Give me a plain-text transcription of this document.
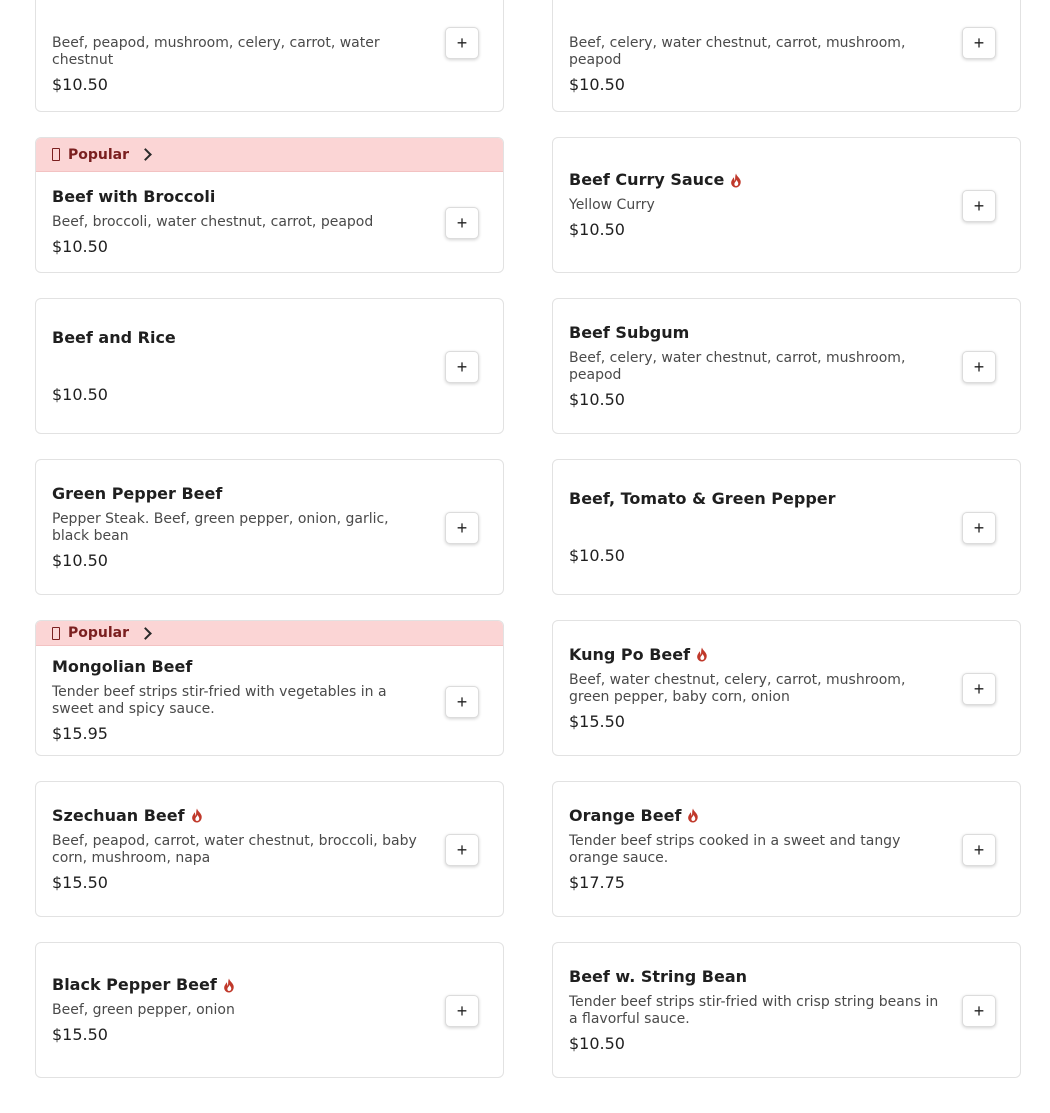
Beef, peapod, mushroom, celery, carrot, water chestnut
$10.50
+	Beef, celery, water chestnut, carrot, mushroom, peapod
$10.50
+
Popular
Beef with Broccoli
Beef, broccoli, water chestnut, carrot, peapod
$10.50
+
Beef Curry Sauce
Yellow Curry
$10.50
+
Beef and Rice
$10.50
+
Beef Subgum
Beef, celery, water chestnut, carrot, mushroom, peapod
$10.50
+
Green Pepper Beef
Pepper Steak. Beef, green pepper, onion, garlic, black bean
$10.50
+
Beef, Tomato & Green Pepper
$10.50
+
Popular
Mongolian Beef
Tender beef strips stir-fried with vegetables in a sweet and spicy sauce.
$15.95
+
Kung Po Beef
Beef, water chestnut, celery, carrot, mushroom, green pepper, baby corn, onion
$15.50
+
Szechuan Beef
Beef, peapod, carrot, water chestnut, broccoli, baby corn, mushroom, napa
$15.50
+
Orange Beef
Tender beef strips cooked in a sweet and tangy orange sauce.
$17.75
+
Black Pepper Beef
Beef, green pepper, onion
$15.50
+
Beef w. String Bean
Tender beef strips stir-fried with crisp string beans in a flavorful sauce.
$10.50
+
